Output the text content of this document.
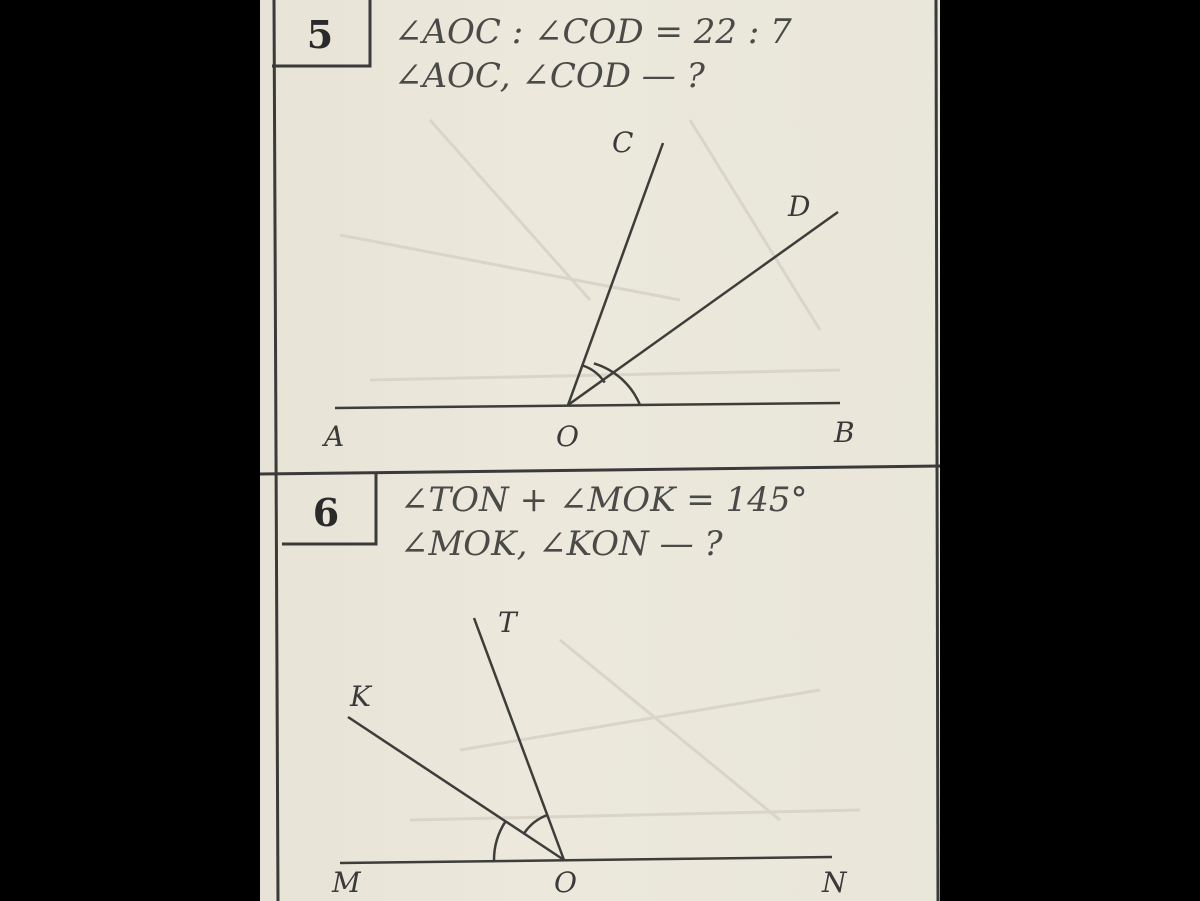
5 ∠AOC : ∠COD = 22 : 7
∠AOC, ∠COD — ?
C
D
A	O	B
6 ∠TON + ∠MOK = 145°
∠MOK, ∠KON — ?
T
K
M	O	N
